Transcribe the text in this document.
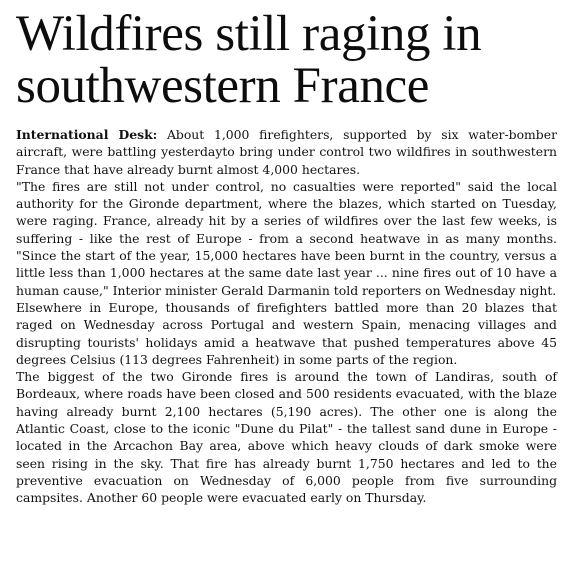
Wildfires still raging in southwestern France

International Desk: About 1,000 firefighters, supported by six water-bomber aircraft, were battling yesterdayto bring under control two wildfires in southwestern France that have already burnt almost 4,000 hectares.

"The fires are still not under control, no casualties were reported" said the local authority for the Gironde department, where the blazes, which started on Tuesday, were raging. France, already hit by a series of wildfires over the last few weeks, is suffering - like the rest of Europe - from a second heatwave in as many months. "Since the start of the year, 15,000 hectares have been burnt in the country, versus a little less than 1,000 hectares at the same date last year ... nine fires out of 10 have a human cause," Interior minister Gerald Darmanin told reporters on Wednesday night.

Elsewhere in Europe, thousands of firefighters battled more than 20 blazes that raged on Wednesday across Portugal and western Spain, menacing villages and disrupting tourists' holidays amid a heatwave that pushed temperatures above 45 degrees Celsius (113 degrees Fahrenheit) in some parts of the region.

The biggest of the two Gironde fires is around the town of Landiras, south of Bordeaux, where roads have been closed and 500 residents evacuated, with the blaze having already burnt 2,100 hectares (5,190 acres). The other one is along the Atlantic Coast, close to the iconic "Dune du Pilat" - the tallest sand dune in Europe - located in the Arcachon Bay area, above which heavy clouds of dark smoke were seen rising in the sky. That fire has already burnt 1,750 hectares and led to the preventive evacuation on Wednesday of 6,000 people from five surrounding campsites. Another 60 people were evacuated early on Thursday.
